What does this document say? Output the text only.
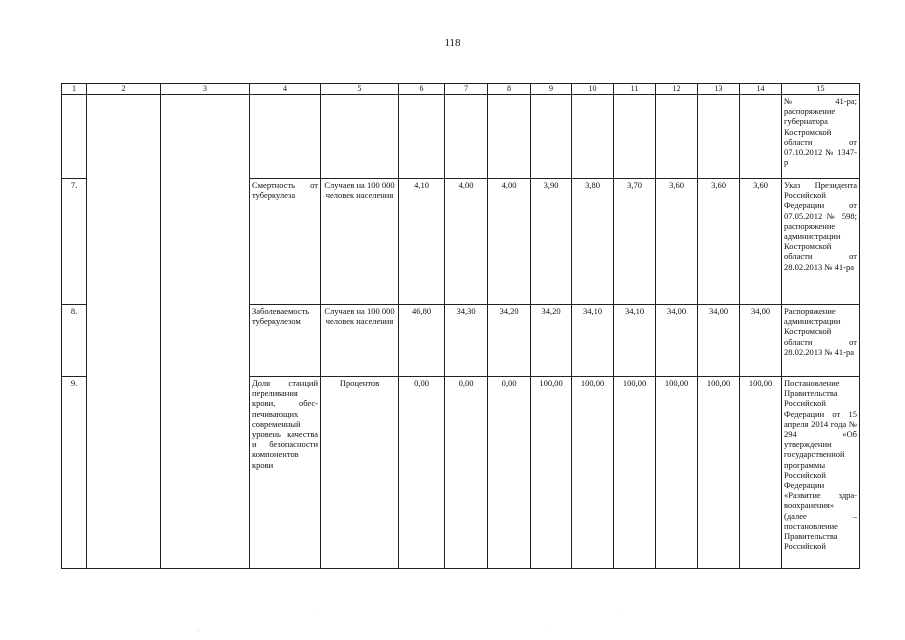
118
1	2	3	4	5	6	7	8	9	10	11	12	13	14	15
														№ 41-ра; распоряжение губернатора Костромской области от 07.10.2012 № 1347-р
7.			Смертность от туберкулеза	Случаев на 100 000 человек населения	4,10	4,00	4,00	3,90	3,80	3,70	3,60	3,60	3,60	Указ Президента Российской Федерации от 07.05.2012 № 598; распоряжение администрации Костромской области от 28.02.2013 № 41-ра
8.			Заболеваемость туберкулезом	Случаев на 100 000 человек населения	46,80	34,30	34,20	34,20	34,10	34,10	34,00	34,00	34,00	Распоряжение администрации Костромской области от 28.02.2013 № 41-ра
9.			Доля станций переливания крови, обес-печивающих современный уровень качества и безопасности компонентов крови	Процентов	0,00	0,00	0,00	100,00	100,00	100,00	100,00	100,00	100,00	Постановление Правительства Российской Федерации от 15 апреля 2014 года № 294 «Об утверждении государственной программы Российской Федерации «Развитие здра-воохранения» (далее – постановление Правительства Российской
··
·
·
·
